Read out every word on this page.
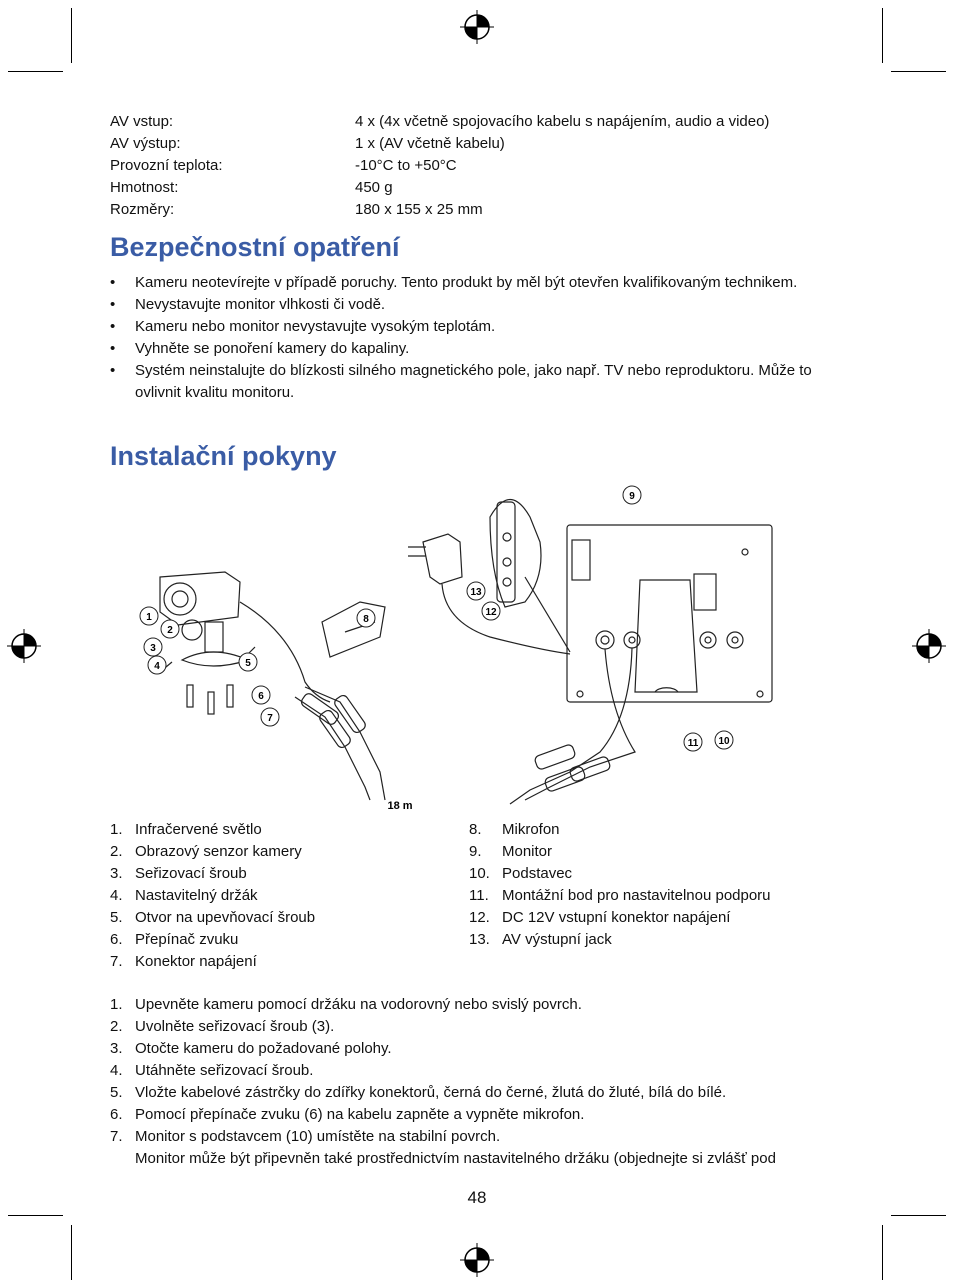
AV vstup:	4 x (4x včetně spojovacího kabelu s napájením, audio a video)
AV výstup:	1 x (AV včetně kabelu)
Provozní teplota:	-10°C to +50°C
Hmotnost:	450 g
Rozměry:	180 x 155 x 25 mm
Bezpečnostní opatření
• Kameru neotevírejte v případě poruchy. Tento produkt by měl být otevřen kvalifikovaným technikem.
• Nevystavujte monitor vlhkosti či vodě.
• Kameru nebo monitor nevystavujte vysokým teplotám.
• Vyhněte se ponoření kamery do kapaliny.
• Systém neinstalujte do blízkosti silného magnetického pole, jako např. TV nebo reproduktoru. Může to ovlivnit kvalitu monitoru.
Instalační pokyny
1
2
3
4	5
6
7
8
9
10
11
12
13
18 m
1. Infračervené světlo
2. Obrazový senzor kamery
3. Seřizovací šroub
4. Nastavitelný držák
5. Otvor na upevňovací šroub
6. Přepínač zvuku
7. Konektor napájení
8. Mikrofon
9. Monitor
10. Podstavec
11. Montážní bod pro nastavitelnou podporu
12. DC 12V vstupní konektor napájení
13. AV výstupní jack
1. Upevněte kameru pomocí držáku na vodorovný nebo svislý povrch.
2. Uvolněte seřizovací šroub (3).
3. Otočte kameru do požadované polohy.
4. Utáhněte seřizovací šroub.
5. Vložte kabelové zástrčky do zdířky konektorů, černá do černé, žlutá do žluté, bílá do bílé.
6. Pomocí přepínače zvuku (6) na kabelu zapněte a vypněte mikrofon.
7. Monitor s podstavcem (10) umístěte na stabilní povrch.
Monitor může být připevněn také prostřednictvím nastavitelného držáku (objednejte si zvlášť pod
48
